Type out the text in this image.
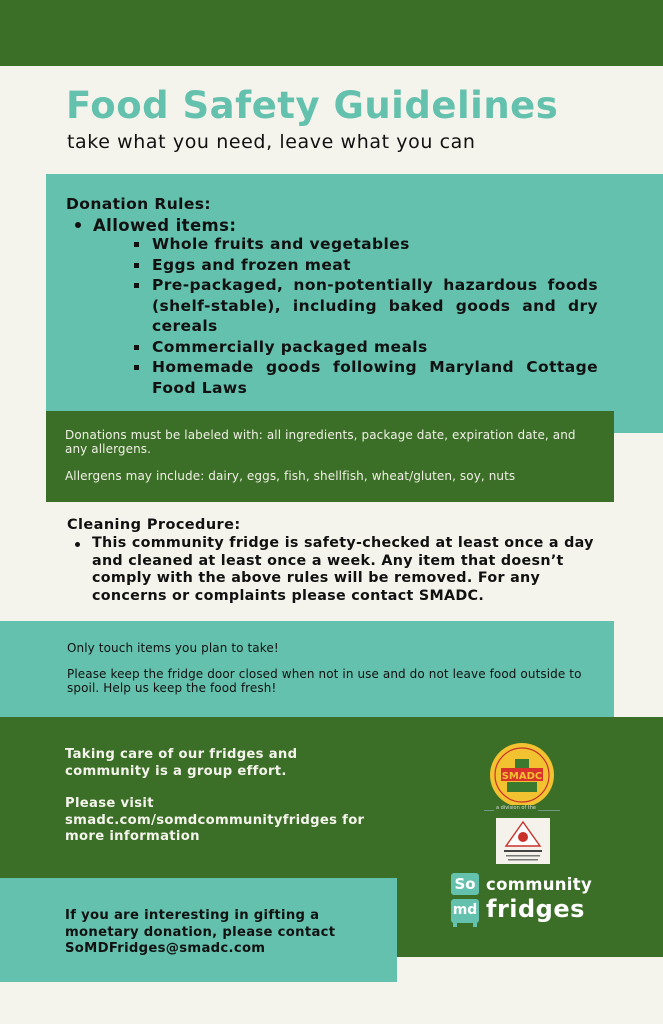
Food Safety Guidelines
take what you need, leave what you can
Donation Rules:
Allowed items:
Whole fruits and vegetables
Eggs and frozen meat
Pre-packaged, non-potentially hazardous foods (shelf-stable), including baked goods and dry cereals
Commercially packaged meals
Homemade goods following Maryland Cottage Food Laws
Donations must be labeled with: all ingredients, package date, expiration date, and any allergens.
Allergens may include: dairy, eggs, fish, shellfish, wheat/gluten, soy, nuts
Cleaning Procedure:
This community fridge is safety-checked at least once a day and cleaned at least once a week. Any item that doesn’t comply with the above rules will be removed. For any concerns or complaints please contact SMADC.
Only touch items you plan to take!
Please keep the fridge door closed when not in use and do not leave food outside to spoil. Help us keep the food fresh!

Taking care of our fridges and community is a group effort.

Please visit smadc.com/somdcommunityfridges for more information

If you are interesting in gifting a monetary donation, please contact SoMDFridges@smadc.com
SMADC
a division of the
So
md
community
fridges
